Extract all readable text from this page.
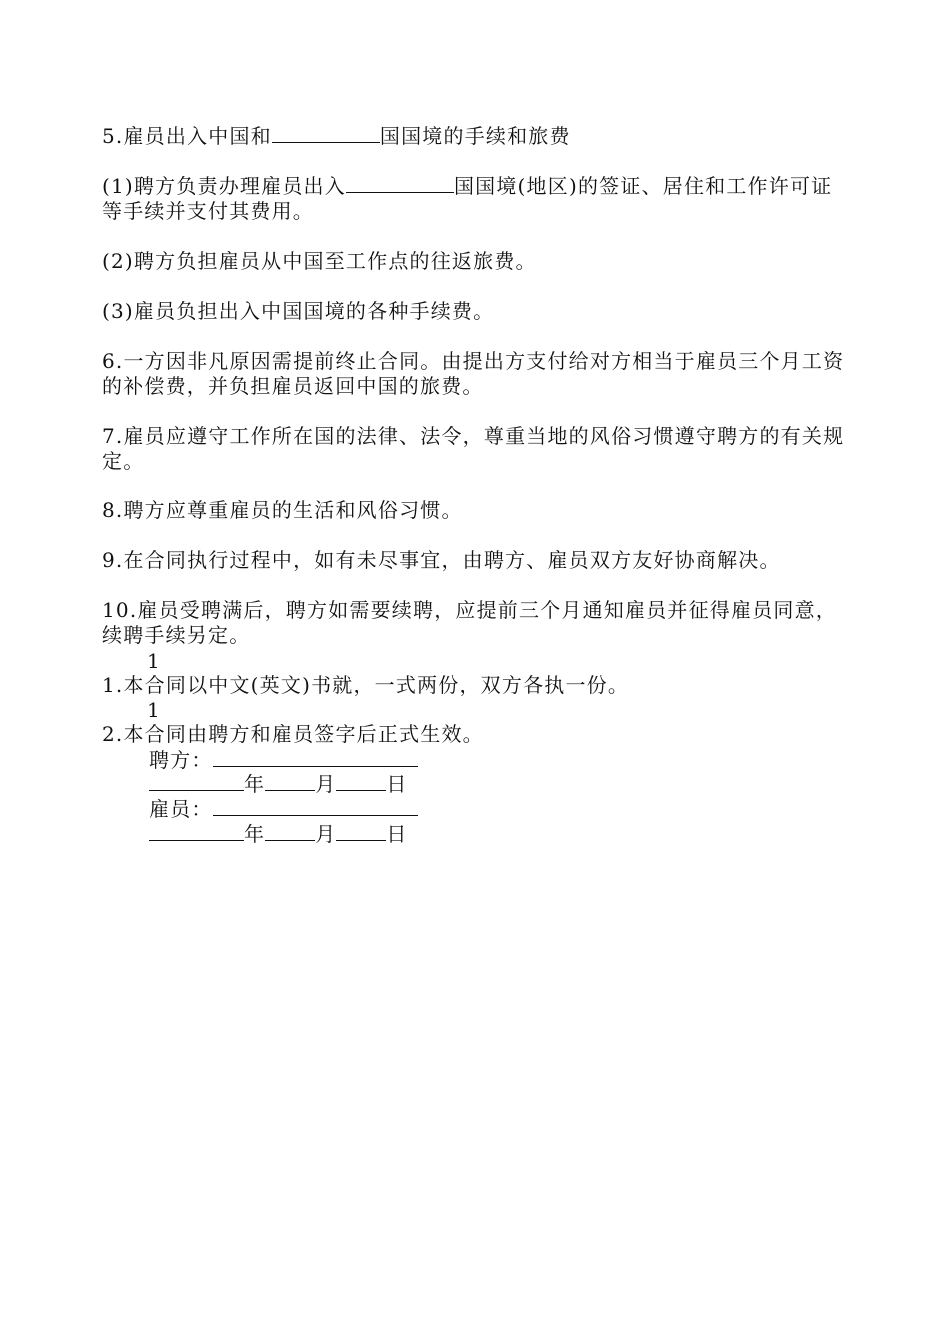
5.雇员出入中国和	国国境的手续和旅费
(1)聘方负责办理雇员出入	国国境(地区)的签证、居住和工作许可证等手续并支付其费用。
(2)聘方负担雇员从中国至工作点的往返旅费。
(3)雇员负担出入中国国境的各种手续费。
6.一方因非凡原因需提前终止合同。由提出方支付给对方相当于雇员三个月工资的补偿费，并负担雇员返回中国的旅费。
7.雇员应遵守工作所在国的法律、法令，尊重当地的风俗习惯遵守聘方的有关规定。
8.聘方应尊重雇员的生活和风俗习惯。
9.在合同执行过程中，如有未尽事宜，由聘方、雇员双方友好协商解决。
10.雇员受聘满后，聘方如需要续聘，应提前三个月通知雇员并征得雇员同意，续聘手续另定。
1
1.本合同以中文(英文)书就，一式两份，双方各执一份。
1
2.本合同由聘方和雇员签字后正式生效。
聘方：
年	月	日
雇员：
年	月	日
